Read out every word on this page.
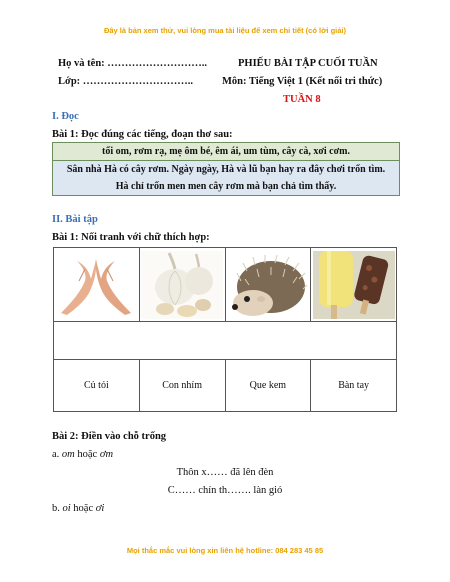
Đây là bản xem thử, vui lòng mua tài liệu để xem chi tiết (có lời giải)
Họ và tên: ………………………..
Lớp: …………………………..
PHIẾU BÀI TẬP CUỐI TUẦN
Môn: Tiếng Việt 1 (Kết nối tri thức)
TUẦN 8
I. Đọc
Bài 1: Đọc đúng các tiếng, đoạn thơ sau:
tối om, rơm rạ, mẹ ôm bé, êm ái, um tùm, cây cà, xơi cơm.
Sân nhà Hà có cây rơm. Ngày ngày, Hà và lũ bạn hay ra đây chơi trốn tìm.
Hà chỉ trốn men men cây rơm mà bạn chả tìm thấy.
II. Bài tập
Bài 1: Nối tranh với chữ thích hợp:

Củ tỏi	Con nhím	Que kem	Bàn tay
Bài 2: Điền vào chỗ trống
a. om hoặc ơm
Thôn x…… đã lên đèn
C…… chín th……. làn gió
b. oi hoặc ơi
Mọi thắc mắc vui lòng xin liên hệ hotline: 084 283 45 85
